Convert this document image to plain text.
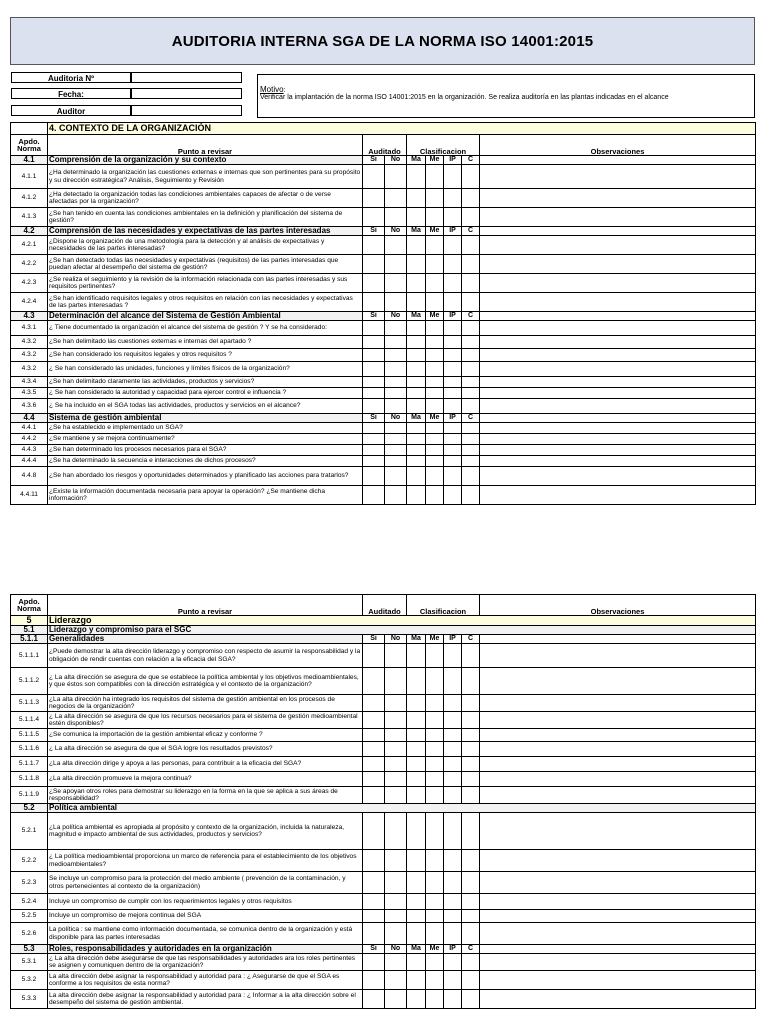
AUDITORIA INTERNA SGA DE LA NORMA ISO 14001:2015
Auditoria Nº
Fecha:
Auditor
Motivo:
Verificar la implantación de la norma ISO 14001:2015 en la organización. Se realiza auditoría en las plantas indicadas en el alcance
	4. CONTEXTO DE LA ORGANIZACIÓN							
Apdo. Norma	Punto a revisar	Auditado		Clasificacion				Observaciones
4.1	Comprensión de la organización y su contexto	Si	No	Ma	Me	IP	C	
4.1.1	¿Ha determinado la organización las cuestiones externas e internas que son pertinentes para su propósito y su dirección estratégica? Análisis, Seguimiento y Revisión							
4.1.2	¿Ha detectado la organización todas las condiciones ambientales capaces de afectar o de verse afectadas por la organización?							
4.1.3	¿Se han tenido en cuenta las condiciones ambientales en la definición y planificación del sistema de gestión?							
4.2	Comprensión de las necesidades y expectativas de las partes interesadas	Si	No	Ma	Me	IP	C	
4.2.1	¿Dispone la organización de una metodología para la detección y al análisis de expectativas y necesidades de las partes interesadas?							
4.2.2	¿Se han detectado todas las necesidades y expectativas (requisitos) de las partes interesadas que puedan afectar al desempeño del sistema de gestión?							
4.2.3	¿Se realiza el seguimiento y la revisión de la información relacionada con las partes interesadas y sus requisitos pertinentes?							
4.2.4	¿Se han identificado requisitos legales y otros requisitos en relación con las necesidades y expectativas de las partes interesadas ?							
4.3	Determinación del alcance del Sistema de Gestión Ambiental	Si	No	Ma	Me	IP	C	
4.3.1	¿ Tiene documentado la organización el alcance del sistema de gestión ? Y se ha considerado:							
4.3.2	¿Se han delimitado las cuestiones externas e internas del apartado ?							
4.3.2	¿Se han considerado los requisitos legales y otros requisitos ?							
4.3.2	¿ Se han considerado las unidades, funciones y límites físicos de la organización?							
4.3.4	¿Se han delimitado claramente las actividades, productos y servicios?							
4.3.5	¿ Se han considerado la autoridad y capacidad para ejercer control e influencia ?							
4.3.6	¿ Se ha incluido en el SGA todas las actividades, productos y servicios en el alcance?							
4.4	Sistema de gestión ambiental	Si	No	Ma	Me	IP	C	
4.4.1	¿Se ha establecido e implementado un SGA?							
4.4.2	¿Se mantiene y se mejora continuamente?							
4.4.3	¿Se han determinado los procesos necesarios para el SGA?							
4.4.4	¿Se ha determinado la secuencia e interacciones de dichos procesos?							
4.4.8	¿Se han abordado los riesgos y oportunidades determinados y planificado las acciones para tratarlos?							
4.4.11	¿Existe la información documentada necesaria para apoyar la operación? ¿Se mantiene dicha información?							
Apdo. Norma	Punto a revisar	Auditado		Clasificacion				Observaciones
5	Liderazgo							
5.1	Liderazgo y compromiso para el SGC							
5.1.1	Generalidades	Si	No	Ma	Me	IP	C	
5.1.1.1	¿Puede demostrar la alta dirección liderazgo y compromiso con respecto de asumir la responsabilidad y la obligación de rendir cuentas con relación a la eficacia del SGA?							
5.1.1.2	¿ La alta dirección se asegura de que se establece la política ambiental y los objetivos medioambientales, y que éstos son compatibles con la dirección estratégica y el contexto de la organización?							
5.1.1.3	¿La alta dirección ha integrado los requisitos del sistema de gestión ambiental en los procesos de negocios de la organización?							
5.1.1.4	¿ La alta dirección se asegura de que los recursos necesarios para el sistema de gestión medioambiental estén disponibles?							
5.1.1.5	¿Se comunica la importación de la gestión ambiental eficaz y conforme ?							
5.1.1.6	¿ La alta dirección se asegura de que el SGA logre los resultados previstos?							
5.1.1.7	¿La alta dirección dirige y apoya a las personas, para contribuir a la eficacia del SGA?							
5.1.1.8	¿La alta dirección promueve la mejora continua?							
5.1.1.9	¿Se apoyan otros roles para demostrar su liderazgo en la forma en la que se aplica a sus áreas de responsabilidad?							
5.2	Política ambiental							
5.2.1	¿La política ambiental es apropiada al propósito y contexto de la organización, incluida la naturaleza, magnitud e impacto ambiental de sus actividades, productos y servicios?							
5.2.2	¿ La política medioambiental proporciona un marco de referencia para el establecimiento de los objetivos medioambientales?							
5.2.3	Se incluye un compromiso para la protección del medio ambiente ( prevención de la contaminación, y otros pertenecientes al contexto de la organización)							
5.2.4	Incluye un compromiso de cumplir con los requerimientos legales y otros requisitos							
5.2.5	Incluye un compromiso de mejora continua del SGA							
5.2.6	La política : se mantiene como información documentada, se comunica dentro de la organización y está disponible para las partes interesadas							
5.3	Roles, responsabilidades y autoridades en la organización	Si	No	Ma	Me	IP	C	
5.3.1	¿ La alta dirección debe asegurarse de que las responsabilidades y autoridades ara los roles pertinentes se asignen y comuniquen dentro de la organización?							
5.3.2	La alta dirección debe asignar la responsabilidad y autoridad para : ¿ Asegurarse de que el SGA es conforme a los requisitos de esta norma?							
5.3.3	La alta dirección debe asignar la responsabilidad y autoridad para : ¿ Informar a la alta dirección sobre el desempeño del sistema de gestión ambiental.							
